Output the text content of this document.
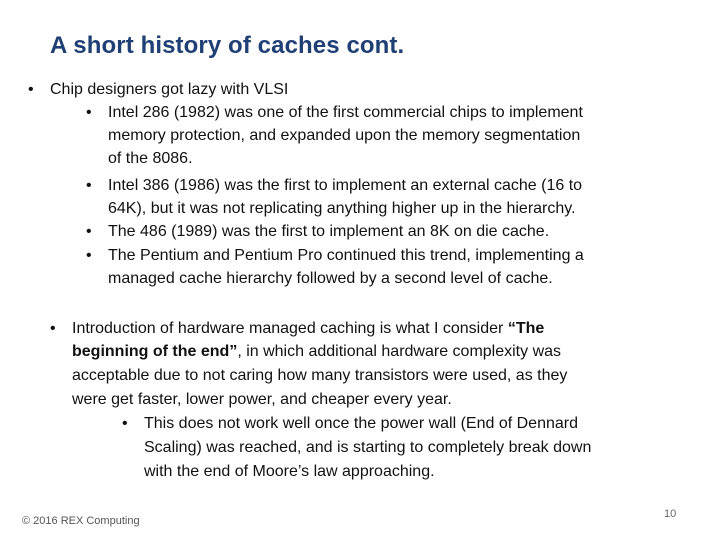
A short history of caches cont.
• Chip designers got lazy with VLSI
• Intel 286 (1982) was one of the first commercial chips to implement
memory protection, and expanded upon the memory segmentation
of the 8086.
• Intel 386 (1986) was the first to implement an external cache (16 to
64K), but it was not replicating anything higher up in the hierarchy.
• The 486 (1989) was the first to implement an 8K on die cache.
• The Pentium and Pentium Pro continued this trend, implementing a
managed cache hierarchy followed by a second level of cache.
• Introduction of hardware managed caching is what I consider “The
beginning of the end”, in which additional hardware complexity was
acceptable due to not caring how many transistors were used, as they
were get faster, lower power, and cheaper every year.
• This does not work well once the power wall (End of Dennard
Scaling) was reached, and is starting to completely break down
with the end of Moore’s law approaching.
© 2016 REX Computing
10
